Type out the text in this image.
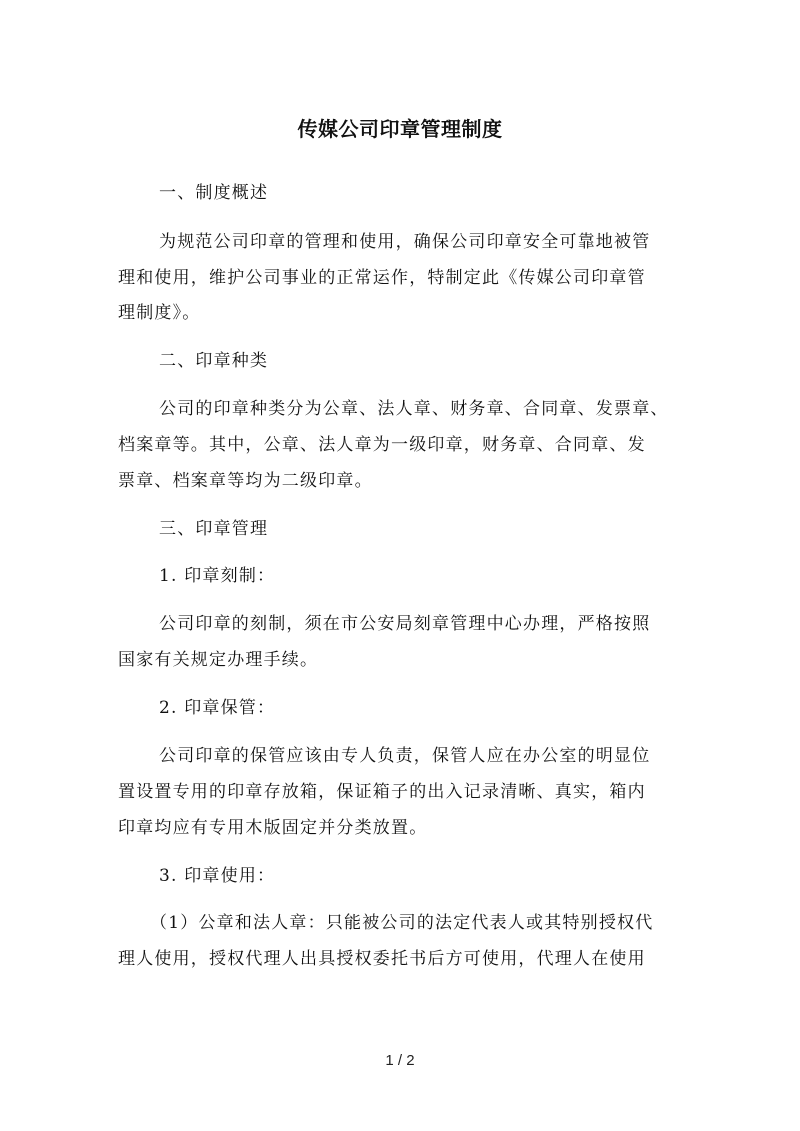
传媒公司印章管理制度
一、制度概述
为规范公司印章的管理和使用，确保公司印章安全可靠地被管
理和使用，维护公司事业的正常运作，特制定此《传媒公司印章管
理制度》。
二、印章种类
公司的印章种类分为公章、法人章、财务章、合同章、发票章、
档案章等。其中，公章、法人章为一级印章，财务章、合同章、发
票章、档案章等均为二级印章。
三、印章管理
1. 印章刻制：
公司印章的刻制，须在市公安局刻章管理中心办理，严格按照
国家有关规定办理手续。
2. 印章保管：
公司印章的保管应该由专人负责，保管人应在办公室的明显位
置设置专用的印章存放箱，保证箱子的出入记录清晰、真实，箱内
印章均应有专用木版固定并分类放置。
3. 印章使用：
（1）公章和法人章：只能被公司的法定代表人或其特别授权代
理人使用，授权代理人出具授权委托书后方可使用，代理人在使用
1 / 2
